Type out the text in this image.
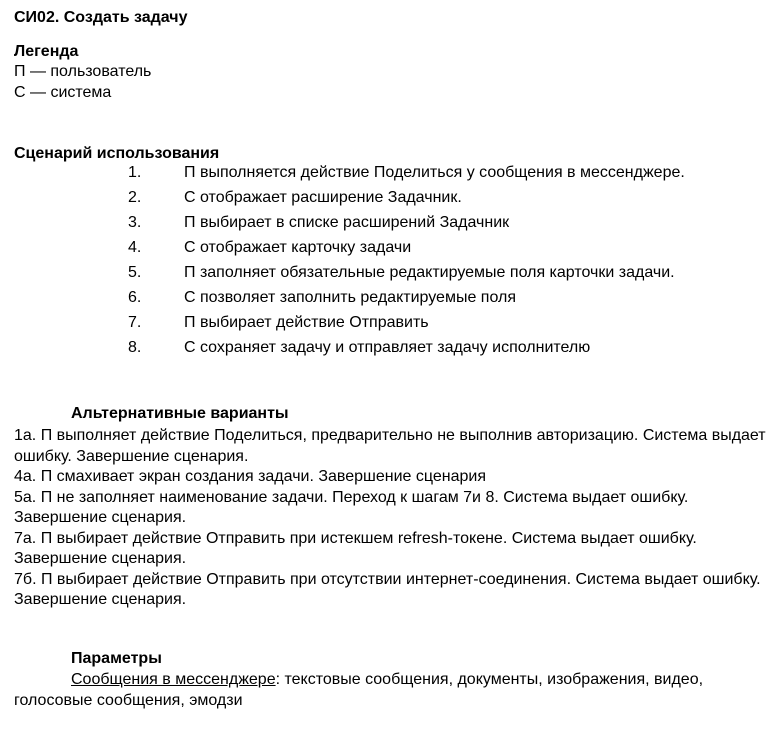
СИ02. Создать задачу
Легенда
П — пользователь
С — система
Сценарий использования
1.	П выполняется действие Поделиться у сообщения в мессенджере.
2.	С отображает расширение Задачник.
3.	П выбирает в списке расширений Задачник
4.	С отображает карточку задачи
5.	П заполняет обязательные редактируемые поля карточки задачи.
6.	С позволяет заполнить редактируемые поля
7.	П выбирает действие Отправить
8.	С сохраняет задачу и отправляет задачу исполнителю
Альтернативные варианты

1а. П выполняет действие Поделиться, предварительно не выполнив авторизацию. Система выдает ошибку. Завершение сценария.

4а. П смахивает экран создания задачи. Завершение сценария

5а. П не заполняет наименование задачи. Переход к шагам 7и 8. Система выдает ошибку. Завершение сценария.

7а. П выбирает действие Отправить при истекшем refresh-токене. Система выдает ошибку. Завершение сценария.

7б. П выбирает действие Отправить при отсутствии интернет-соединения. Система выдает ошибку. Завершение сценария.

Параметры
Сообщения в мессенджере: текстовые сообщения, документы, изображения, видео, голосовые сообщения, эмодзи
